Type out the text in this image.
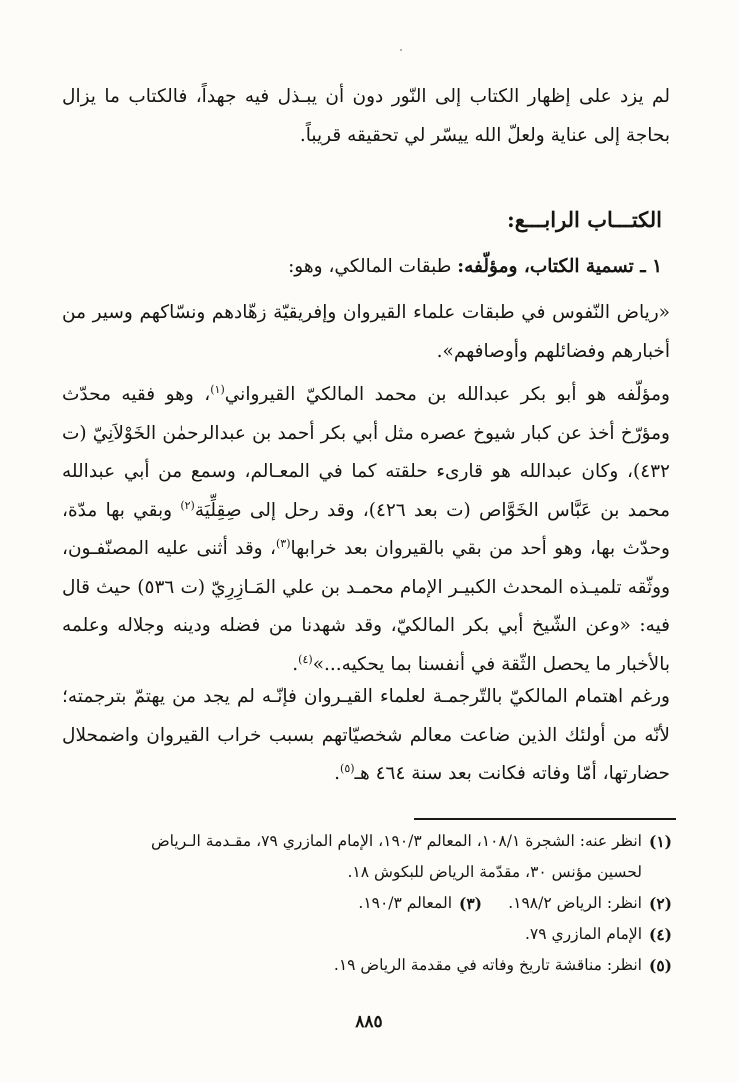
لم يزد على إظهار الكتاب إلى النّور دون أن يبـذل فيه جهداً، فالكتاب ما يزال بحاجة إلى عناية ولعلّ الله ييسّر لي تحقيقه قريباً.

الكتـــاب الرابـــع:

١ ـ تسمية الكتاب، ومؤلّفه: طبقات المالكي، وهو:

«رياض النّفوس في طبقات علماء القيروان وإفريقيّة زهّادهم ونسّاكهم وسير من أخبارهم وفضائلهم وأوصافهم».

ومؤلّفه هو أبو بكر عبدالله بن محمد المالكيّ القيرواني$^{(١)}$، وهو فقيه محدّث ومؤرّخ أخذ عن كبار شيوخ عصره مثل أبي بكر أحمد بن عبدالرحمٰن الخَوْلاَنِيّ (ت ٤٣٢)، وكان عبدالله هو قارىء حلقته كما في المعـالم، وسمع من أبي عبدالله محمد بن عَبَّاس الخَوَّاص (ت بعد ٤٢٦)، وقد رحل إلى صِقِلِّيَة$^{(٢)}$ وبقي بها مدّة، وحدّث بها، وهو أحد من بقي بالقيروان بعد خرابها$^{(٣)}$، وقد أثنى عليه المصنّفـون، ووثّقه تلميـذه المحدث الكبيـر الإمام محمـد بن علي المَـازِرِيّ (ت ٥٣٦) حيث قال فيه: «وعن الشّيخ أبي بكر المالكيّ، وقد شهدنا من فضله ودينه وجلاله وعلمه بالأخبار ما يحصل الثّقة في أنفسنا بما يحكيه...»$^{(٤)}$.

ورغم اهتمام المالكيّ بالتّرجمـة لعلماء القيـروان فإنّـه لم يجد من يهتمّ بترجمته؛ لأنّه من أولئك الذين ضاعت معالم شخصيّاتهم بسبب خراب القيروان واضمحلال حضارتها، أمّا وفاته فكانت بعد سنة ٤٦٤ هـ$^{(٥)}$.

(١)
انظر عنه: الشجرة ١٠٨/١، المعالم ١٩٠/٣، الإمام المازري ٧٩، مقـدمة الـرياض
لحسين مؤنس ٣٠، مقدّمة الرياض للبكوش ١٨.
(٢)
انظر: الرياض ١٩٨/٢.
(٣)
المعالم ١٩٠/٣.
(٤)
الإمام المازري ٧٩.
(٥)
انظر: مناقشة تاريخ وفاته في مقدمة الرياض ١٩.
٨٨٥
